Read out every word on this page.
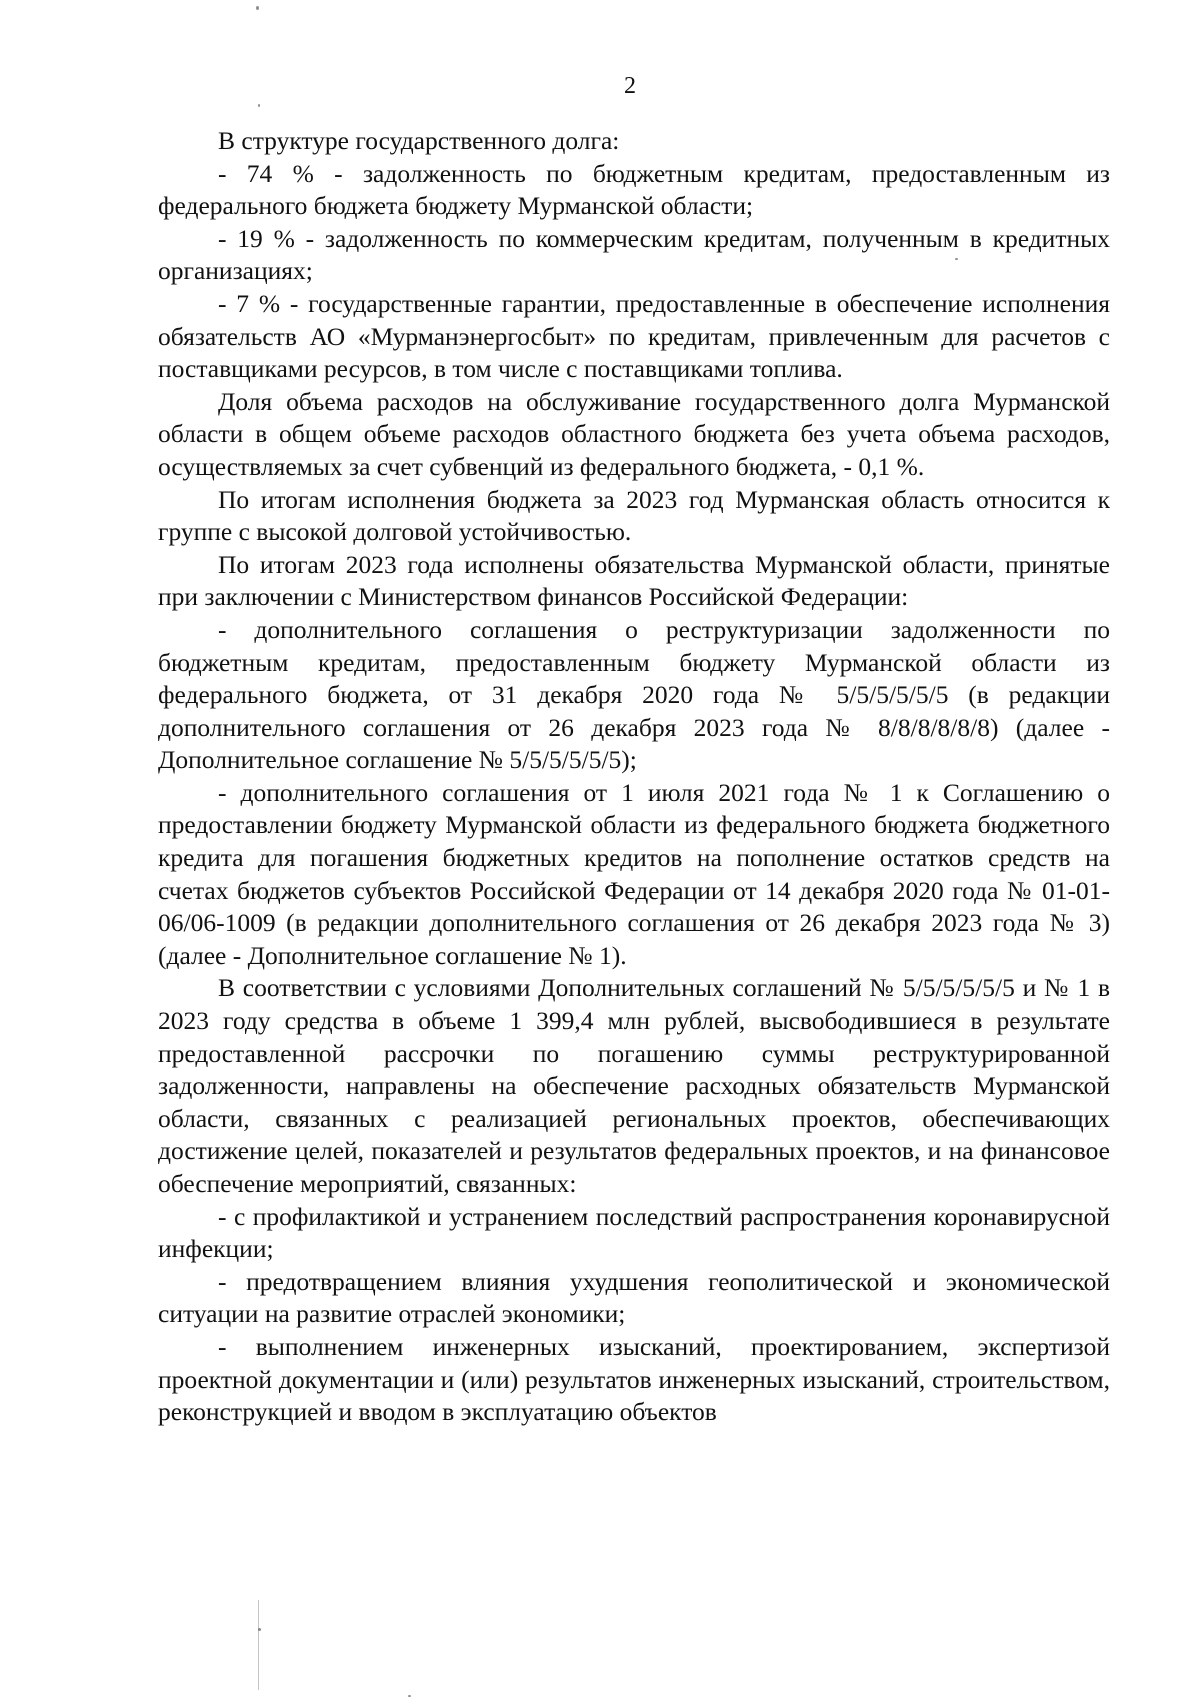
2

В структуре государственного долга:

- 74 % - задолженность по бюджетным кредитам, предоставленным из федерального бюджета бюджету Мурманской области;

- 19 % - задолженность по коммерческим кредитам, полученным в кредитных организациях;

- 7 % - государственные гарантии, предоставленные в обеспечение исполнения обязательств АО «Мурманэнергосбыт» по кредитам, привлеченным для расчетов с поставщиками ресурсов, в том числе с поставщиками топлива.

Доля объема расходов на обслуживание государственного долга Мурманской области в общем объеме расходов областного бюджета без учета объема расходов, осуществляемых за счет субвенций из федерального бюджета, - 0,1 %.

По итогам исполнения бюджета за 2023 год Мурманская область относится к группе с высокой долговой устойчивостью.

По итогам 2023 года исполнены обязательства Мурманской области, принятые при заключении с Министерством финансов Российской Федерации:

- дополнительного соглашения о реструктуризации задолженности по бюджетным кредитам, предоставленным бюджету Мурманской области из федерального бюджета, от 31 декабря 2020 года № 5/5/5/5/5/5 (в редакции дополнительного соглашения от 26 декабря 2023 года № 8/8/8/8/8/8) (далее - Дополнительное соглашение № 5/5/5/5/5/5);

- дополнительного соглашения от 1 июля 2021 года № 1 к Соглашению о предоставлении бюджету Мурманской области из федерального бюджета бюджетного кредита для погашения бюджетных кредитов на пополнение остатков средств на счетах бюджетов субъектов Российской Федерации от 14 декабря 2020 года № 01-01-06/06-1009 (в редакции дополнительного соглашения от 26 декабря 2023 года № 3) (далее - Дополнительное соглашение № 1).

В соответствии с условиями Дополнительных соглашений № 5/5/5/5/5/5 и № 1 в 2023 году средства в объеме 1 399,4 млн рублей, высвободившиеся в результате предоставленной рассрочки по погашению суммы реструктурированной задолженности, направлены на обеспечение расходных обязательств Мурманской области, связанных с реализацией региональных проектов, обеспечивающих достижение целей, показателей и результатов федеральных проектов, и на финансовое обеспечение мероприятий, связанных:

- с профилактикой и устранением последствий распространения коронавирусной инфекции;

- предотвращением влияния ухудшения геополитической и экономической ситуации на развитие отраслей экономики;

- выполнением инженерных изысканий, проектированием, экспертизой проектной документации и (или) результатов инженерных изысканий, строительством, реконструкцией и вводом в эксплуатацию объектов
